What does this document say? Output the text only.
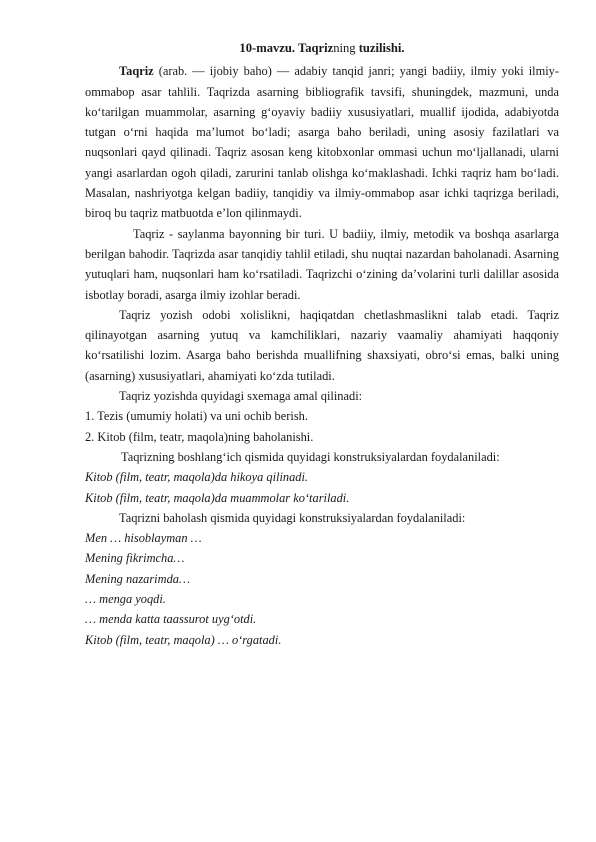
10-mavzu. Taqrizning tuzilishi.

Taqriz (arab. — ijobiy baho) — adabiy tanqid janri; yangi badiiy, ilmiy yoki ilmiy-ommabop asar tahlili. Taqrizda asarning bibliografik tavsifi, shuningdek, mazmuni, unda ko‘tarilgan muammolar, asarning g‘oyaviy badiiy xususiyatlari, muallif ijodida, adabiyotda tutgan o‘rni haqida ma’lumot bo‘ladi; asarga baho beriladi, uning asosiy fazilatlari va nuqsonlari qayd qilinadi. Taqriz asosan keng kitobxonlar ommasi uchun mo‘ljallanadi, ularni yangi asarlardan ogoh qiladi, zarurini tanlab olishga ko‘maklashadi. Ichki тaqriz ham bo‘ladi. Masalan, nashriyotga kelgan badiiy, tanqidiy va ilmiy-ommabop asar ichki taqrizga beriladi, biroq bu taqriz matbuotda e’lon qilinmaydi.

Taqriz - saylanma bayonning bir turi. U badiiy, ilmiy, metodik va boshqa asarlarga berilgan bahodir. Taqrizda asar tanqidiy tahlil etiladi, shu nuqtai nazardan baholanadi. Asarning yutuqlari ham, nuqsonlari ham ko‘rsatiladi. Taqrizchi o‘zining da’volarini turli dalillar asosida isbotlay boradi, asarga ilmiy izohlar beradi.

Taqriz yozish odobi xolislikni, haqiqatdan chetlashmaslikni talab etadi. Taqriz qilinayotgan asarning yutuq va kamchiliklari, nazariy vaamaliy ahamiyati haqqoniy ko‘rsatilishi lozim. Asarga baho berishda muallifning shaxsiyati, obro‘si emas, balki uning (asarning) xususiyatlari, ahamiyati ko‘zda tutiladi.

Taqriz yozishda quyidagi sxemaga amal qilinadi:

1. Tezis (umumiy holati) va uni ochib berish.

2. Kitob (film, teatr, maqola)ning baholanishi.

Taqrizning boshlang‘ich qismida quyidagi konstruksiyalardan foydalaniladi:

Kitob (film, teatr, maqola)da hikoya qilinadi.

Kitob (film, teatr, maqola)da muammolar ko‘tariladi.

Taqrizni baholash qismida quyidagi konstruksiyalardan foydalaniladi:

Men … hisoblayman …

Mening fikrimcha…

Mening nazarimda…

… menga yoqdi.

… menda katta taassurot uyg‘otdi.

Kitob (film, teatr, maqola) … o‘rgatadi.
